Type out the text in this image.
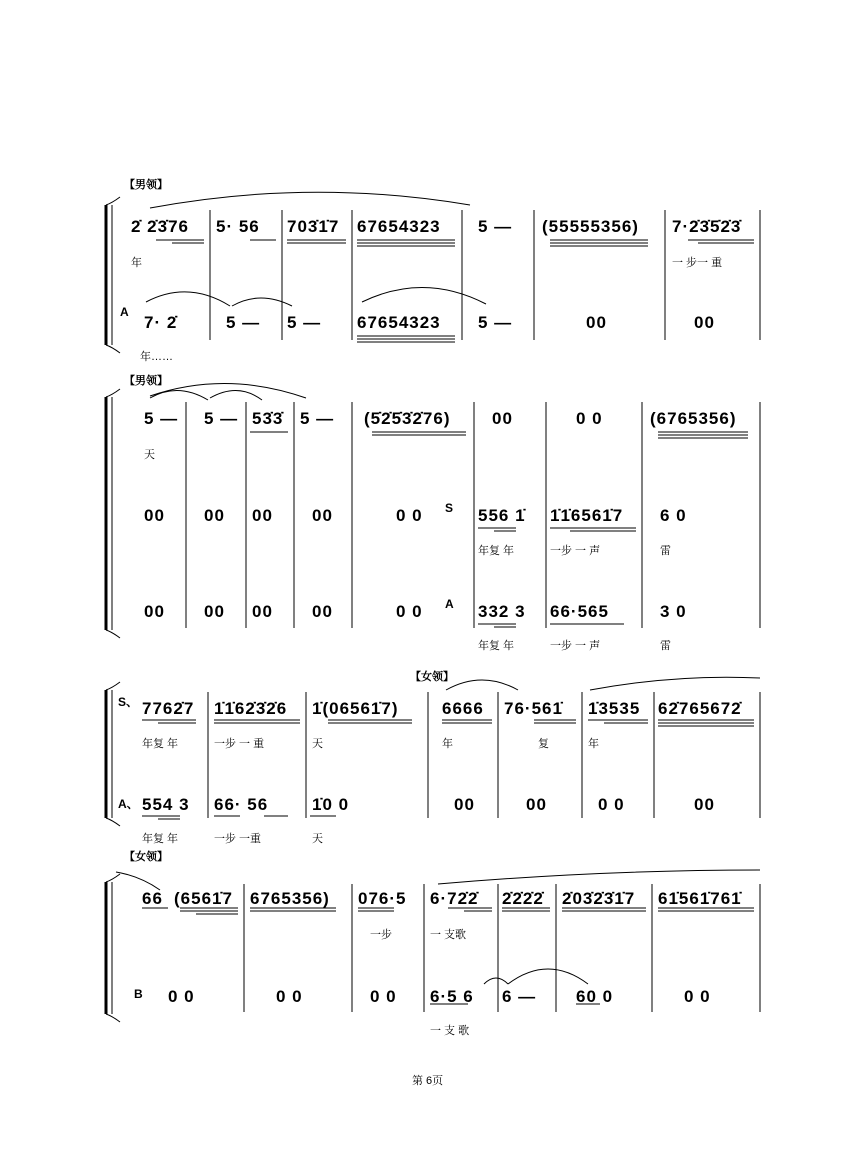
【男领】
2̇ 2̇3̇76 5· 56 703̇1̇7 67654323 5 — (55555356) 7·2̇3̇5̇2̇3̇
年	一 步一 重
A
7· 2̇	5 — 5 — 67654323 5 —	00	00
年……
【男领】
5 — 5 — 53̇3̇ 5 — (5̇2̇5̇3̇2̇76) 00	0 0	(6765356)
天
S
00 00 00 00	0 0	556 1̇ 1̇1̇6561̇7 6 0
年复 年	一步 一 声	雷
A
00 00 00 00	0 0	332 3 66·565	3 0
年复 年	一步 一 声	雷
【女领】
S、 7762̇7 1̇1̇62̇3̇2̇6 1̇(06561̇7)	6666 76·561̇ 1̇3535 62̇765672̇
年复 年	一步 一 重	天	年	复	年
A、 554 3 66· 56	1̇0 0	00	00	0 0	00
年复 年	一步 一重	天
【女领】
66 (6561̇7 6765356) 076·5 6·72̇2̇ 2̇2̇2̇2̇ 2̇03̇2̇3̇1̇7 61̇561̇761̇
一步	一 支歌
B 0 0	0 0	0 0 6·5 6 6 — 60 0	0 0
一 支 歌
第 6页
